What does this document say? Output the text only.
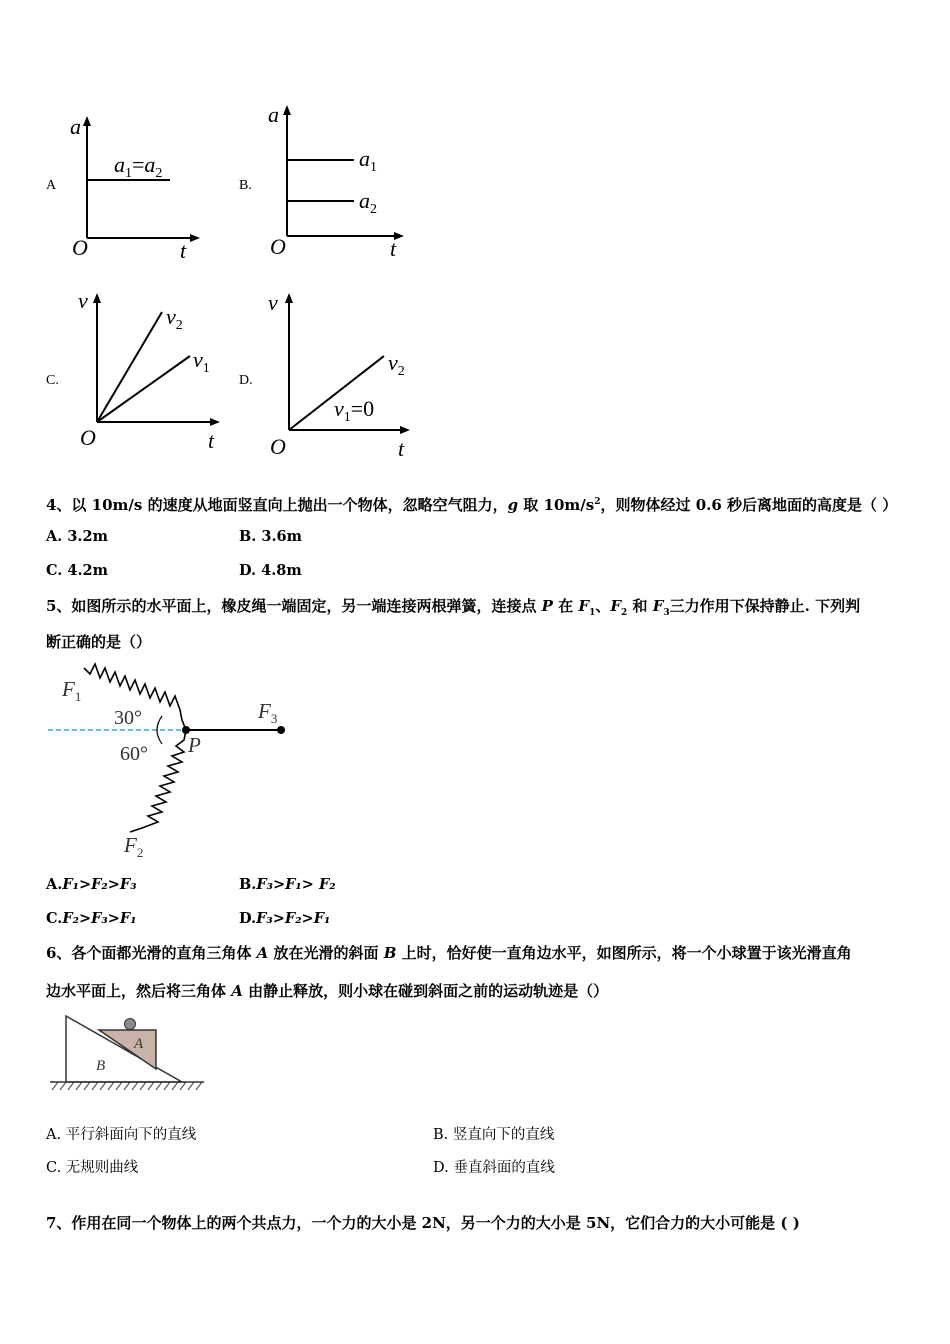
A	B.
C.	D.
a
t
O
$a_1=a_2$
a
t
O
$a_1$
$a_2$
v
t
O
$v_2$
$v_1$
v
t
O
$v_2$
$v_1=0$
4、以 10m/s 的速度从地面竖直向上抛出一个物体，忽略空气阻力，g 取 $10m/s^2$，则物体经过 0.6 秒后离地面的高度是（ ）
A. 3.2m	B. 3.6m
C. 4.2m	D. 4.8m
5、如图所示的水平面上，橡皮绳一端固定，另一端连接两根弹簧，连接点 P 在 $F_1$、$F_2$ 和 $F_3$三力作用下保持静止. 下列判
断正确的是（）
$F_1$
$F_3$
$F_2$
30°
60° P
A.F₁>F₂>F₃	B.F₃>F₁> F₂
C.F₂>F₃>F₁	D.F₃>F₂>F₁
6、各个面都光滑的直角三角体 A 放在光滑的斜面 B 上时，恰好使一直角边水平，如图所示，将一个小球置于该光滑直角
边水平面上，然后将三角体 A 由静止释放，则小球在碰到斜面之前的运动轨迹是（）
A
B
A. 平行斜面向下的直线	B. 竖直向下的直线
C. 无规则曲线	D. 垂直斜面的直线
7、作用在同一个物体上的两个共点力，一个力的大小是 2N，另一个力的大小是 5N，它们合力的大小可能是 ( )
